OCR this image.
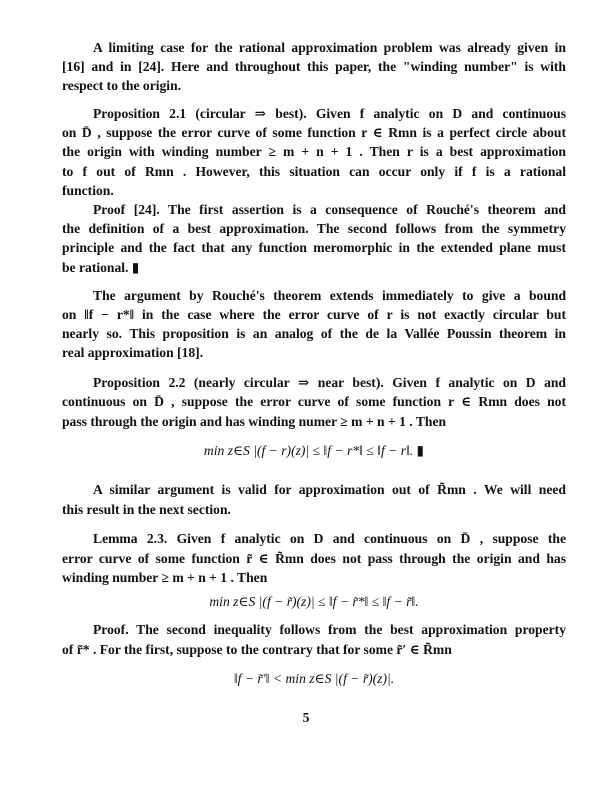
A limiting case for the rational approximation problem was already given in
[16] and in [24]. Here and throughout this paper, the "winding number" is with
respect to the origin.
Proposition 2.1 (circular ⇒ best). Given f analytic on D and continuous
on D̄ , suppose the error curve of some function r ∈ Rmn is a perfect circle about
the origin with winding number ≥ m + n + 1 . Then r is a best approximation
to f out of Rmn . However, this situation can occur only if f is a rational
function.
Proof [24]. The first assertion is a consequence of Rouché's theorem and
the definition of a best approximation. The second follows from the symmetry
principle and the fact that any function meromorphic in the extended plane must
be rational. ▮
The argument by Rouché's theorem extends immediately to give a bound
on ‖f − r*‖ in the case where the error curve of r is not exactly circular but
nearly so. This proposition is an analog of the de la Vallée Poussin theorem in
real approximation [18].
Proposition 2.2 (nearly circular ⇒ near best). Given f analytic on D and
continuous on D̄ , suppose the error curve of some function r ∈ Rmn does not
pass through the origin and has winding numer ≥ m + n + 1 . Then
min z∈S |(f − r)(z)| ≤ ‖f − r*‖ ≤ ‖f − r‖. ▮
A similar argument is valid for approximation out of R̃mn . We will need
this result in the next section.
Lemma 2.3. Given f analytic on D and continuous on D̄ , suppose the
error curve of some function r̃ ∈ R̃mn does not pass through the origin and has
winding number ≥ m + n + 1 . Then
min z∈S |(f − r̃)(z)| ≤ ‖f − r̃*‖ ≤ ‖f − r̃‖.
Proof. The second inequality follows from the best approximation property
of r̃* . For the first, suppose to the contrary that for some r̃′ ∈ R̃mn
‖f − r̃′‖ < min z∈S |(f − r̃)(z)|.
5
